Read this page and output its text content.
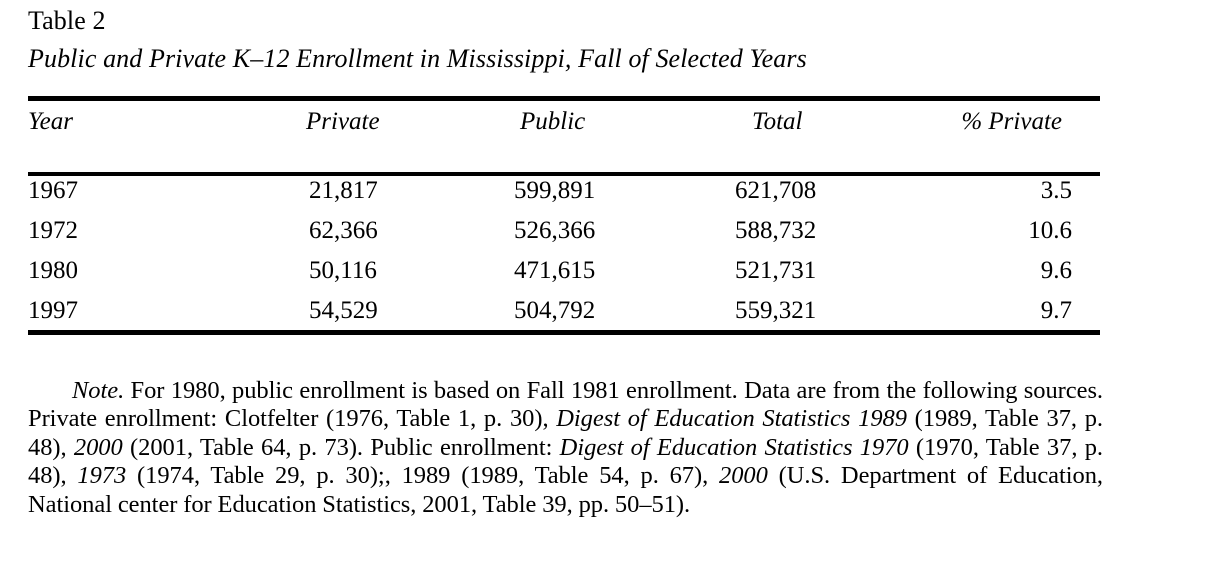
Table 2
Public and Private K–12 Enrollment in Mississippi, Fall of Selected Years
Year	Private	Public	Total	% Private
1967	21,817	599,891	621,708	3.5
1972	62,366	526,366	588,732	10.6
1980	50,116	471,615	521,731	9.6
1997	54,529	504,792	559,321	9.7

Note. For 1980, public enrollment is based on Fall 1981 enrollment. Data are from the following sources. Private enrollment: Clotfelter (1976, Table 1, p. 30), Digest of Education Statistics 1989 (1989, Table 37, p. 48), 2000 (2001, Table 64, p. 73). Public enrollment: Digest of Education Statistics 1970 (1970, Table 37, p. 48), 1973 (1974, Table 29, p. 30);, 1989 (1989, Table 54, p. 67), 2000 (U.S. Department of Education, National center for Education Statistics, 2001, Table 39, pp. 50–51).
